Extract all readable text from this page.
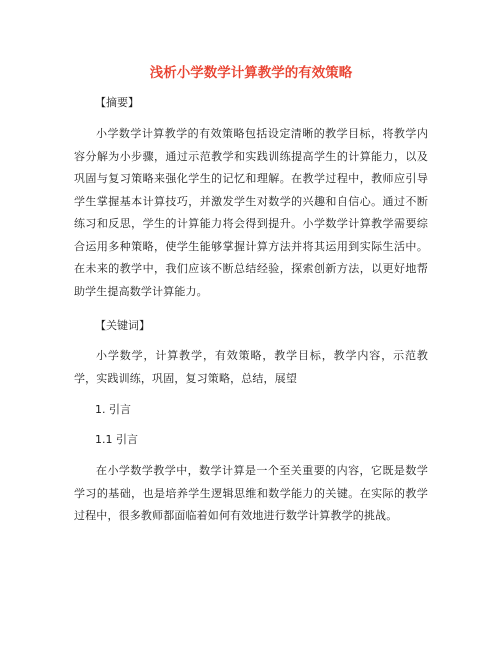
浅析小学数学计算教学的有效策略
【摘要】
小学数学计算教学的有效策略包括设定清晰的教学目标，将教学内容分解为小步骤，通过示范教学和实践训练提高学生的计算能力，以及巩固与复习策略来强化学生的记忆和理解。在教学过程中，教师应引导学生掌握基本计算技巧，并激发学生对数学的兴趣和自信心。通过不断练习和反思，学生的计算能力将会得到提升。小学数学计算教学需要综合运用多种策略，使学生能够掌握计算方法并将其运用到实际生活中。在未来的教学中，我们应该不断总结经验，探索创新方法，以更好地帮助学生提高数学计算能力。
【关键词】
小学数学，计算教学，有效策略，教学目标，教学内容，示范教学，实践训练，巩固，复习策略，总结，展望
1. 引言
1.1 引言
在小学数学教学中，数学计算是一个至关重要的内容，它既是数学学习的基础，也是培养学生逻辑思维和数学能力的关键。在实际的教学过程中，很多教师都面临着如何有效地进行数学计算教学的挑战。
